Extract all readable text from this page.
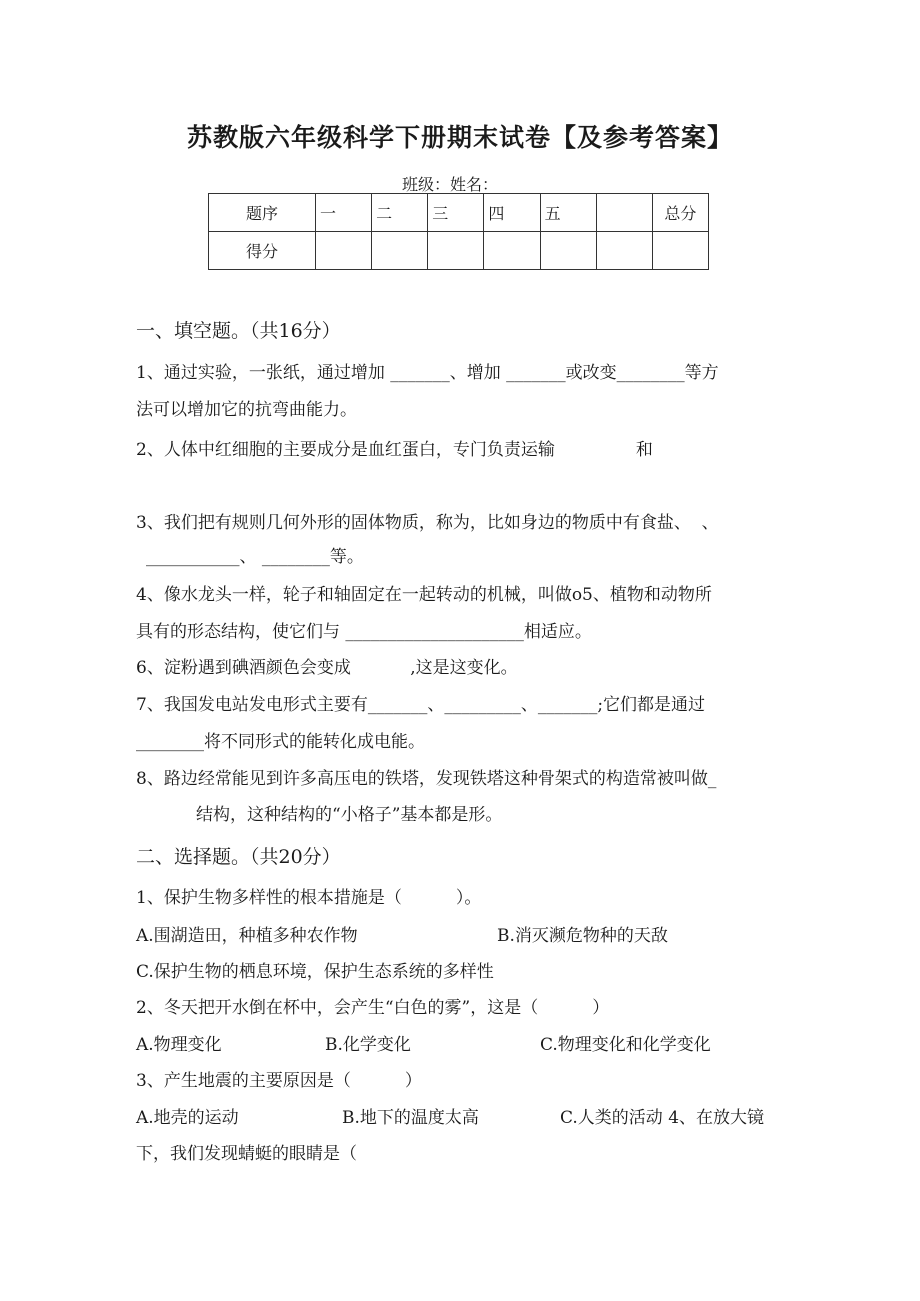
苏教版六年级科学下册期末试卷【及参考答案】
班级：姓名：
题序	一	二	三	四	五		总分
得分							
一、填空题。（共16分）
1、通过实验，一张纸，通过增加 _______、增加 _______或改变________等方
法可以增加它的抗弯曲能力。
2、人体中红细胞的主要成分是血红蛋白，专门负责运输               和
3、我们把有规则几何外形的固体物质，称为，比如身边的物质中有食盐、  、
___________、 ________等。
4、像水龙头一样，轮子和轴固定在一起转动的机械，叫做o5、植物和动物所
具有的形态结构，使它们与 _____________________相适应。
6、淀粉遇到碘酒颜色会变成           ,这是这变化。
7、我国发电站发电形式主要有_______、_________、_______;它们都是通过
________将不同形式的能转化成电能。
8、路边经常能见到许多高压电的铁塔，发现铁塔这种骨架式的构造常被叫做_
结构，这种结构的“小格子”基本都是形。
二、选择题。（共20分）
1、保护生物多样性的根本措施是（          ）。
A.围湖造田，种植多种农作物	B.消灭濒危物种的天敌
C.保护生物的栖息环境，保护生态系统的多样性
2、冬天把开水倒在杯中，会产生“白色的雾”，这是（          ）
A.物理变化	B.化学变化	C.物理变化和化学变化
3、产生地震的主要原因是（          ）
A.地壳的运动	B.地下的温度太高	C.人类的活动 4、在放大镜
下，我们发现蜻蜓的眼睛是（
